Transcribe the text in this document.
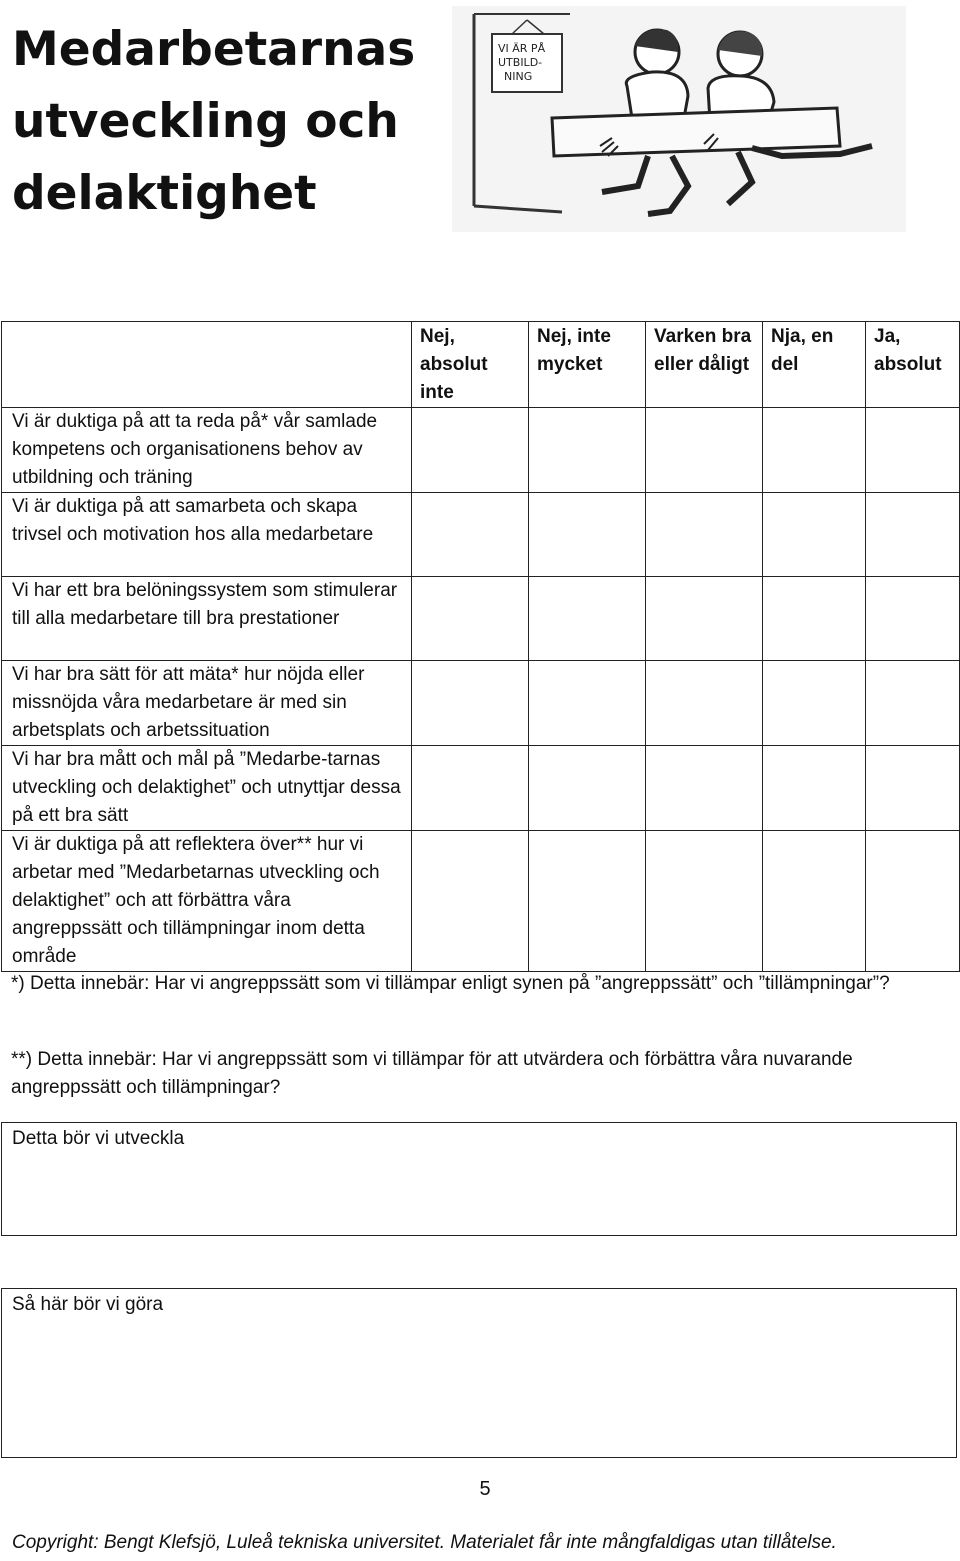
Medarbetarnas utveckling och delaktighet
VI ÄR PÅ
UTBILD-
NING
	Nej, absolut inte	Nej, inte mycket	Varken bra eller dåligt	Nja, en del	Ja, absolut
Vi är duktiga på att ta reda på* vår samlade kompetens och organisationens behov av utbildning och träning					
Vi är duktiga på att samarbeta och skapa trivsel och motivation hos alla medarbetare					
Vi har ett bra belöningssystem som stimulerar till alla medarbetare till bra prestationer					
Vi har bra sätt för att mäta* hur nöjda eller missnöjda våra medarbetare är med sin arbetsplats och arbetssituation					
Vi har bra mått och mål på ”Medarbe-tarnas utveckling och delaktighet” och utnyttjar dessa på ett bra sätt					
Vi är duktiga på att reflektera över** hur vi arbetar med ”Medarbetarnas utveckling och delaktighet” och att förbättra våra angreppssätt och tillämpningar inom detta område					

*) Detta innebär: Har vi angreppssätt som vi tillämpar enligt synen på ”angreppssätt” och ”tillämpningar”?

**) Detta innebär: Har vi angreppssätt som vi tillämpar för att utvärdera och förbättra våra nuvarande angreppssätt och tillämpningar?

Detta bör vi utveckla
Så här bör vi göra
5
Copyright: Bengt Klefsjö, Luleå tekniska universitet. Materialet får inte mångfaldigas utan tillåtelse.
